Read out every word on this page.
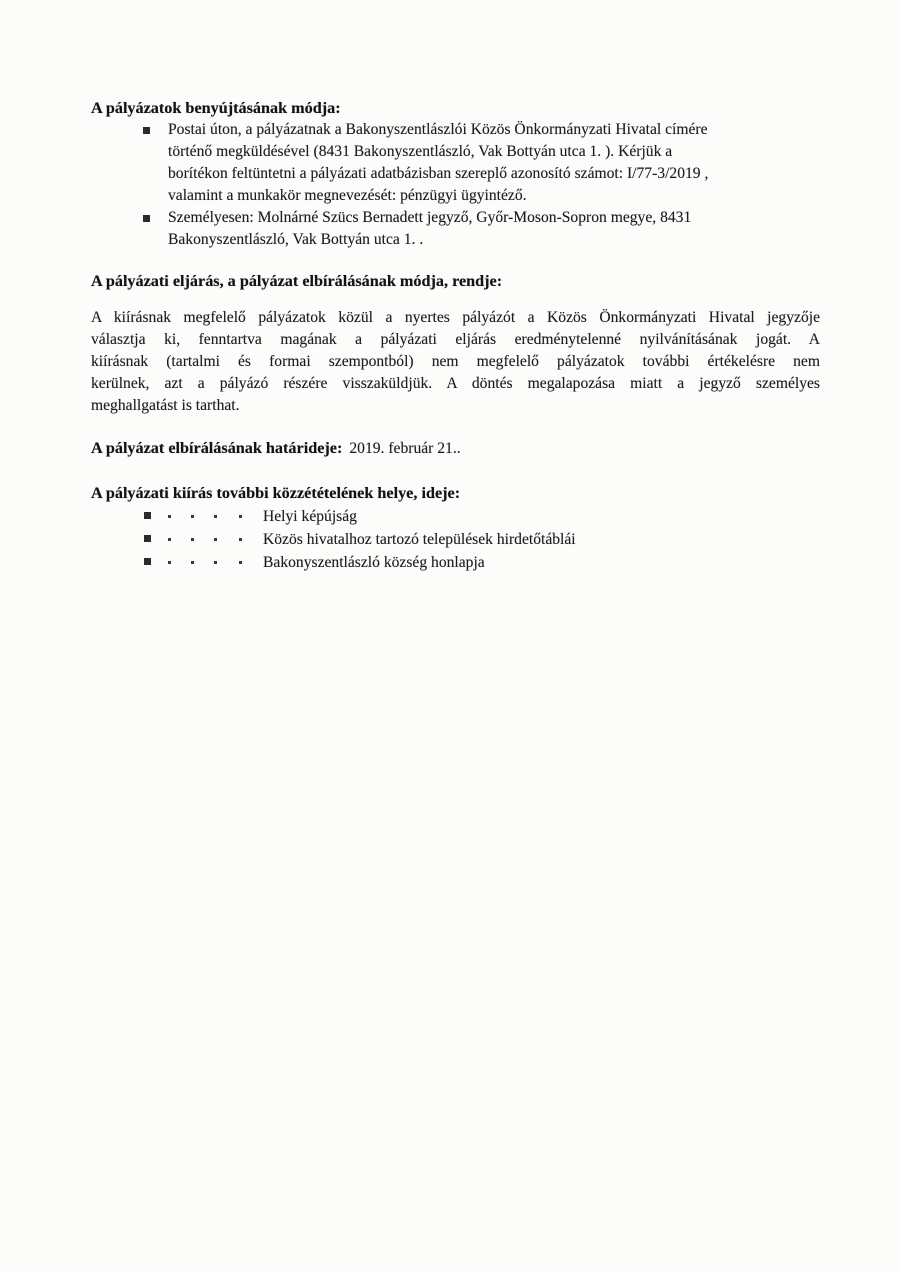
A pályázatok benyújtásának módja:
Postai úton, a pályázatnak a Bakonyszentlászlói Közös Önkormányzati Hivatal címére
történő megküldésével (8431 Bakonyszentlászló, Vak Bottyán utca 1. ). Kérjük a
borítékon feltüntetni a pályázati adatbázisban szereplő azonosító számot: I/77-3/2019 ,
valamint a munkakör megnevezését: pénzügyi ügyintéző.
Személyesen: Molnárné Szücs Bernadett jegyző, Győr-Moson-Sopron megye, 8431
Bakonyszentlászló, Vak Bottyán utca 1. .
A pályázati eljárás, a pályázat elbírálásának módja, rendje:
A kiírásnak megfelelő pályázatok közül a nyertes pályázót a Közös Önkormányzati Hivatal jegyzője
választja ki, fenntartva magának a pályázati eljárás eredménytelenné nyilvánításának jogát. A
kiírásnak (tartalmi és formai szempontból) nem megfelelő pályázatok további értékelésre nem
kerülnek, azt a pályázó részére visszaküldjük. A döntés megalapozása miatt a jegyző személyes
meghallgatást is tarthat.
A pályázat elbírálásának határideje: 2019. február 21..
A pályázati kiírás további közzétételének helye, ideje:
Helyi képújság
Közös hivatalhoz tartozó települések hirdetőtáblái
Bakonyszentlászló község honlapja
